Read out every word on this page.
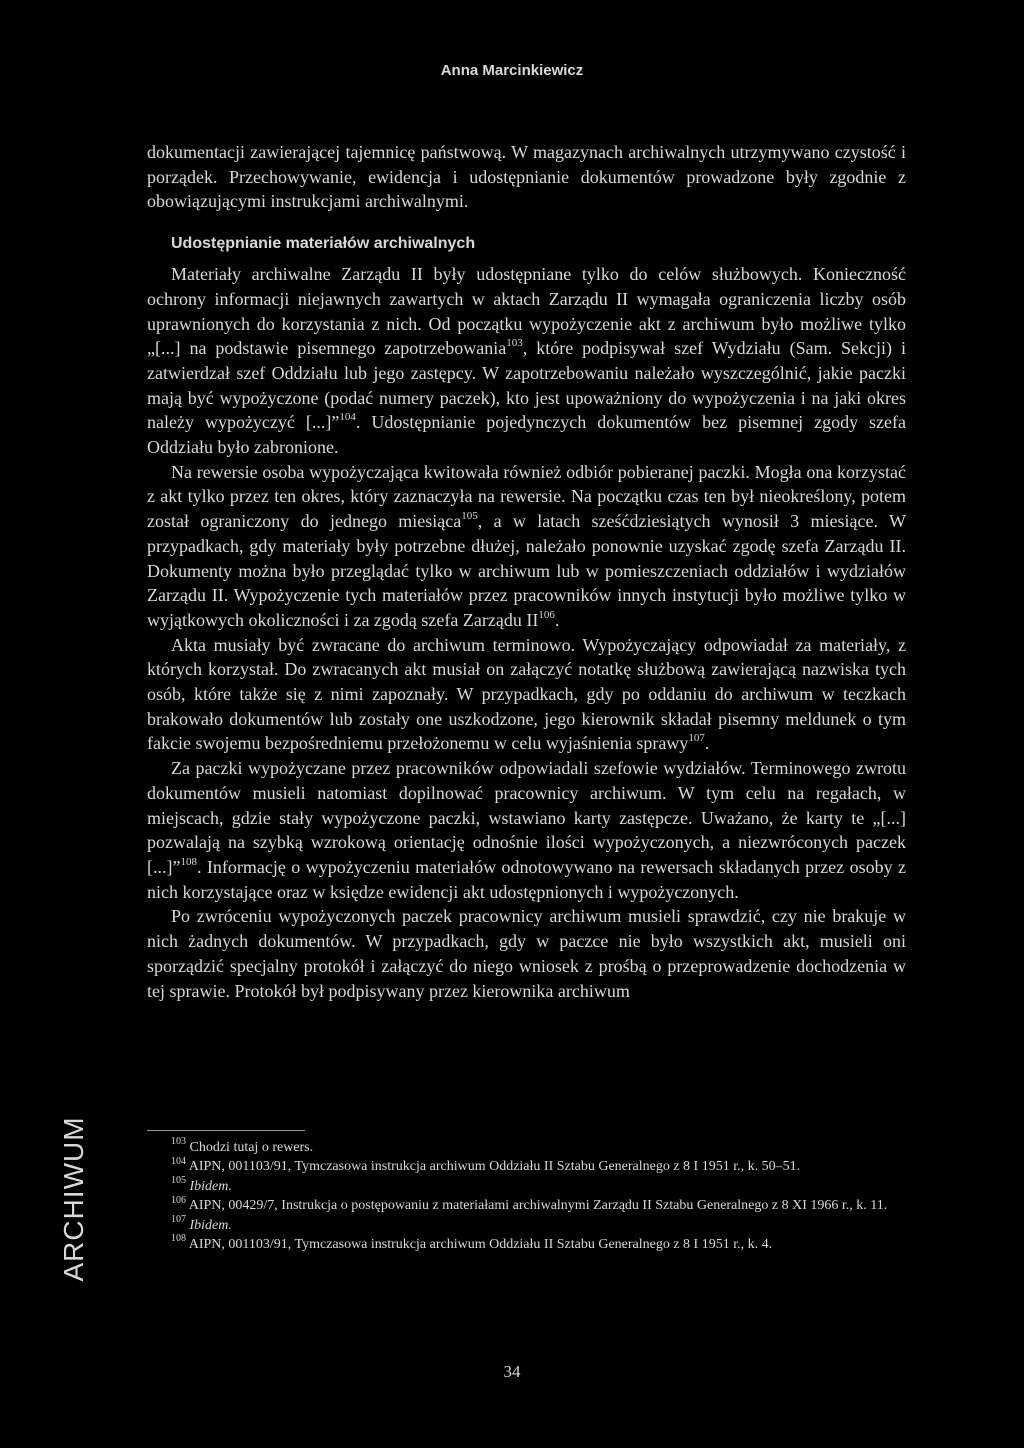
Anna Marcinkiewicz

dokumentacji zawierającej tajemnicę państwową. W magazynach archiwalnych utrzymywano czystość i porządek. Przechowywanie, ewidencja i udostępnianie dokumentów prowadzone były zgodnie z obowiązującymi instrukcjami archiwalnymi.

Udostępnianie materiałów archiwalnych

Materiały archiwalne Zarządu II były udostępniane tylko do celów służbowych. Konieczność ochrony informacji niejawnych zawartych w aktach Zarządu II wymagała ograniczenia liczby osób uprawnionych do korzystania z nich. Od początku wypożyczenie akt z archiwum było możliwe tylko „[...] na podstawie pisemnego zapotrzebowania$^{103}$, które podpisywał szef Wydziału (Sam. Sekcji) i zatwierdzał szef Oddziału lub jego zastępcy. W zapotrzebowaniu należało wyszczególnić, jakie paczki mają być wypożyczone (podać numery paczek), kto jest upoważniony do wypożyczenia i na jaki okres należy wypożyczyć [...]”$^{104}$. Udostępnianie pojedynczych dokumentów bez pisemnej zgody szefa Oddziału było zabronione.

Na rewersie osoba wypożyczająca kwitowała również odbiór pobieranej paczki. Mogła ona korzystać z akt tylko przez ten okres, który zaznaczyła na rewersie. Na początku czas ten był nieokreślony, potem został ograniczony do jednego miesiąca$^{105}$, a w latach sześćdziesiątych wynosił 3 miesiące. W przypadkach, gdy materiały były potrzebne dłużej, należało ponownie uzyskać zgodę szefa Zarządu II. Dokumenty można było przeglądać tylko w archiwum lub w pomieszczeniach oddziałów i wydziałów Zarządu II. Wypożyczenie tych materiałów przez pracowników innych instytucji było możliwe tylko w wyjątkowych okoliczności i za zgodą szefa Zarządu II$^{106}$.

Akta musiały być zwracane do archiwum terminowo. Wypożyczający odpowiadał za materiały, z których korzystał. Do zwracanych akt musiał on załączyć notatkę służbową zawierającą nazwiska tych osób, które także się z nimi zapoznały. W przypadkach, gdy po oddaniu do archiwum w teczkach brakowało dokumentów lub zostały one uszkodzone, jego kierownik składał pisemny meldunek o tym fakcie swojemu bezpośredniemu przełożonemu w celu wyjaśnienia sprawy$^{107}$.

Za paczki wypożyczane przez pracowników odpowiadali szefowie wydziałów. Terminowego zwrotu dokumentów musieli natomiast dopilnować pracownicy archiwum. W tym celu na regałach, w miejscach, gdzie stały wypożyczone paczki, wstawiano karty zastępcze. Uważano, że karty te „[...] pozwalają na szybką wzrokową orientację odnośnie ilości wypożyczonych, a niezwróconych paczek [...]”$^{108}$. Informację o wypożyczeniu materiałów odnotowywano na rewersach składanych przez osoby z nich korzystające oraz w księdze ewidencji akt udostępnionych i wypożyczonych.

Po zwróceniu wypożyczonych paczek pracownicy archiwum musieli sprawdzić, czy nie brakuje w nich żadnych dokumentów. W przypadkach, gdy w paczce nie było wszystkich akt, musieli oni sporządzić specjalny protokół i załączyć do niego wniosek z prośbą o przeprowadzenie dochodzenia w tej sprawie. Protokół był podpisywany przez kierownika archiwum

$^{103}$ Chodzi tutaj o rewers.

$^{104}$ AIPN, 001103/91, Tymczasowa instrukcja archiwum Oddziału II Sztabu Generalnego z 8 I 1951 r., k. 50–51.

$^{105}$ Ibidem.

$^{106}$ AIPN, 00429/7, Instrukcja o postępowaniu z materiałami archiwalnymi Zarządu II Sztabu Generalnego z 8 XI 1966 r., k. 11.

$^{107}$ Ibidem.

$^{108}$ AIPN, 001103/91, Tymczasowa instrukcja archiwum Oddziału II Sztabu Generalnego z 8 I 1951 r., k. 4.

ARCHIWUM
34
